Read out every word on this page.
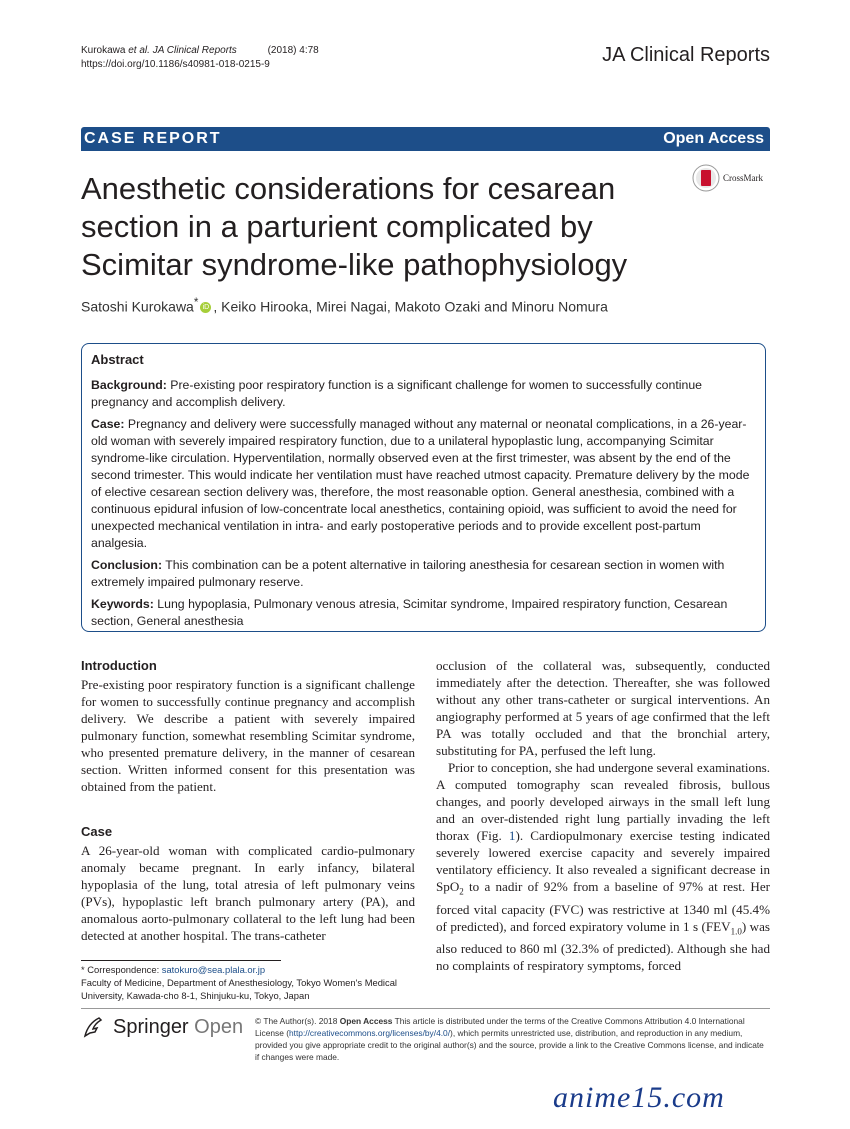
Kurokawa et al. JA Clinical Reports	(2018) 4:78
https://doi.org/10.1186/s40981-018-0215-9	JA Clinical Reports
CASE REPORT	Open Access
Anesthetic considerations for cesarean section in a parturient complicated by Scimitar syndrome-like pathophysiology
CrossMark
Satoshi Kurokawa* iD , Keiko Hirooka, Mirei Nagai, Makoto Ozaki and Minoru Nomura
Abstract

Background: Pre-existing poor respiratory function is a significant challenge for women to successfully continue pregnancy and accomplish delivery.

Case: Pregnancy and delivery were successfully managed without any maternal or neonatal complications, in a 26-year-old woman with severely impaired respiratory function, due to a unilateral hypoplastic lung, accompanying Scimitar syndrome-like circulation. Hyperventilation, normally observed even at the first trimester, was absent by the end of the second trimester. This would indicate her ventilation must have reached utmost capacity. Premature delivery by the mode of elective cesarean section delivery was, therefore, the most reasonable option. General anesthesia, combined with a continuous epidural infusion of low-concentrate local anesthetics, containing opioid, was sufficient to avoid the need for unexpected mechanical ventilation in intra- and early postoperative periods and to provide excellent post-partum analgesia.

Conclusion: This combination can be a potent alternative in tailoring anesthesia for cesarean section in women with extremely impaired pulmonary reserve.

Keywords: Lung hypoplasia, Pulmonary venous atresia, Scimitar syndrome, Impaired respiratory function, Cesarean section, General anesthesia

Introduction

Pre-existing poor respiratory function is a significant challenge for women to successfully continue pregnancy and accomplish delivery. We describe a patient with severely impaired pulmonary function, somewhat resembling Scimitar syndrome, who presented premature delivery, in the manner of cesarean section. Written informed consent for this presentation was obtained from the patient.

Case

A 26-year-old woman with complicated cardio-pulmonary anomaly became pregnant. In early infancy, bilateral hypoplasia of the lung, total atresia of left pulmonary veins (PVs), hypoplastic left branch pulmonary artery (PA), and anomalous aorto-pulmonary collateral to the left lung had been detected at another hospital. The trans-catheter

occlusion of the collateral was, subsequently, conducted immediately after the detection. Thereafter, she was followed without any other trans-catheter or surgical interventions. An angiography performed at 5 years of age confirmed that the left PA was totally occluded and that the bronchial artery, substituting for PA, perfused the left lung.

Prior to conception, she had undergone several examinations. A computed tomography scan revealed fibrosis, bullous changes, and poorly developed airways in the small left lung and an over-distended right lung partially invading the left thorax (Fig. 1). Cardiopulmonary exercise testing indicated severely lowered exercise capacity and severely impaired ventilatory efficiency. It also revealed a significant decrease in SpO$_2$ to a nadir of 92% from a baseline of 97% at rest. Her forced vital capacity (FVC) was restrictive at 1340 ml (45.4% of predicted), and forced expiratory volume in 1 s $(FEV_{1.0})$ was also reduced to 860 ml (32.3% of predicted). Although she had no complaints of respiratory symptoms, forced

* Correspondence: satokuro@sea.plala.or.jp
Faculty of Medicine, Department of Anesthesiology, Tokyo Women's Medical University, Kawada-cho 8-1, Shinjuku-ku, Tokyo, Japan
Springer Open © The Author(s). 2018 Open Access This article is distributed under the terms of the Creative Commons Attribution 4.0 International License (http://creativecommons.org/licenses/by/4.0/), which permits unrestricted use, distribution, and reproduction in any medium, provided you give appropriate credit to the original author(s) and the source, provide a link to the Creative Commons license, and indicate if changes were made.
anime15.com
